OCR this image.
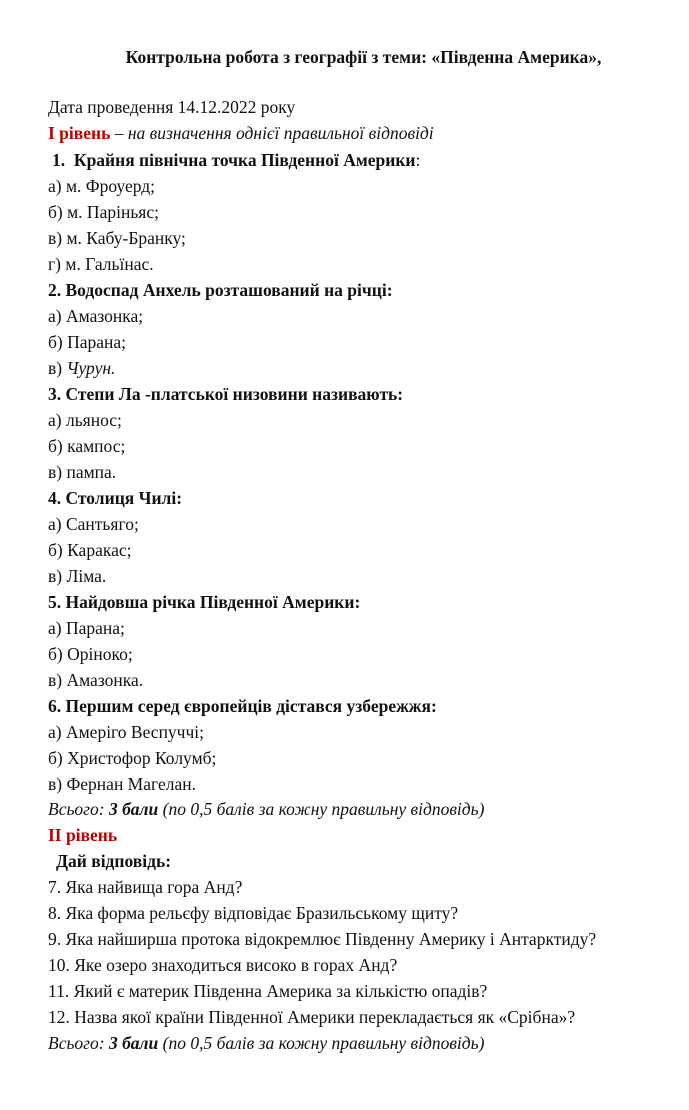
Контрольна робота з географії з теми: «Південна Америка»,
Дата проведення 14.12.2022 року
І рівень – на визначення однієї правильної відповіді
1. Крайня північна точка Південної Америки:
а) м. Фроуерд;
б) м. Паріньяс;
в) м. Кабу-Бранку;
г) м. Гальїнас.
2. Водоспад Анхель розташований на річці:
а) Амазонка;
б) Парана;
в) Чурун.
3. Степи Ла -платської низовини називають:
а) льянос;
б) кампос;
в) пампа.
4. Столиця Чилі:
а) Сантьяго;
б) Каракас;
в) Ліма.
5. Найдовша річка Південної Америки:
а) Парана;
б) Оріноко;
в) Амазонка.
6. Першим серед європейців дістався узбережжя:
а) Амеріго Веспуччі;
б) Христофор Колумб;
в) Фернан Магелан.
Всього: 3 бали (по 0,5 балів за кожну правильну відповідь)
ІІ рівень
Дай відповідь:
7. Яка найвища гора Анд?
8. Яка форма рельєфу відповідає Бразильському щиту?
9. Яка найширша протока відокремлює Південну Америку і Антарктиду?
10. Яке озеро знаходиться високо в горах Анд?
11. Який є материк Південна Америка за кількістю опадів?
12. Назва якої країни Південної Америки перекладається як «Срібна»?
Всього: 3 бали (по 0,5 балів за кожну правильну відповідь)
